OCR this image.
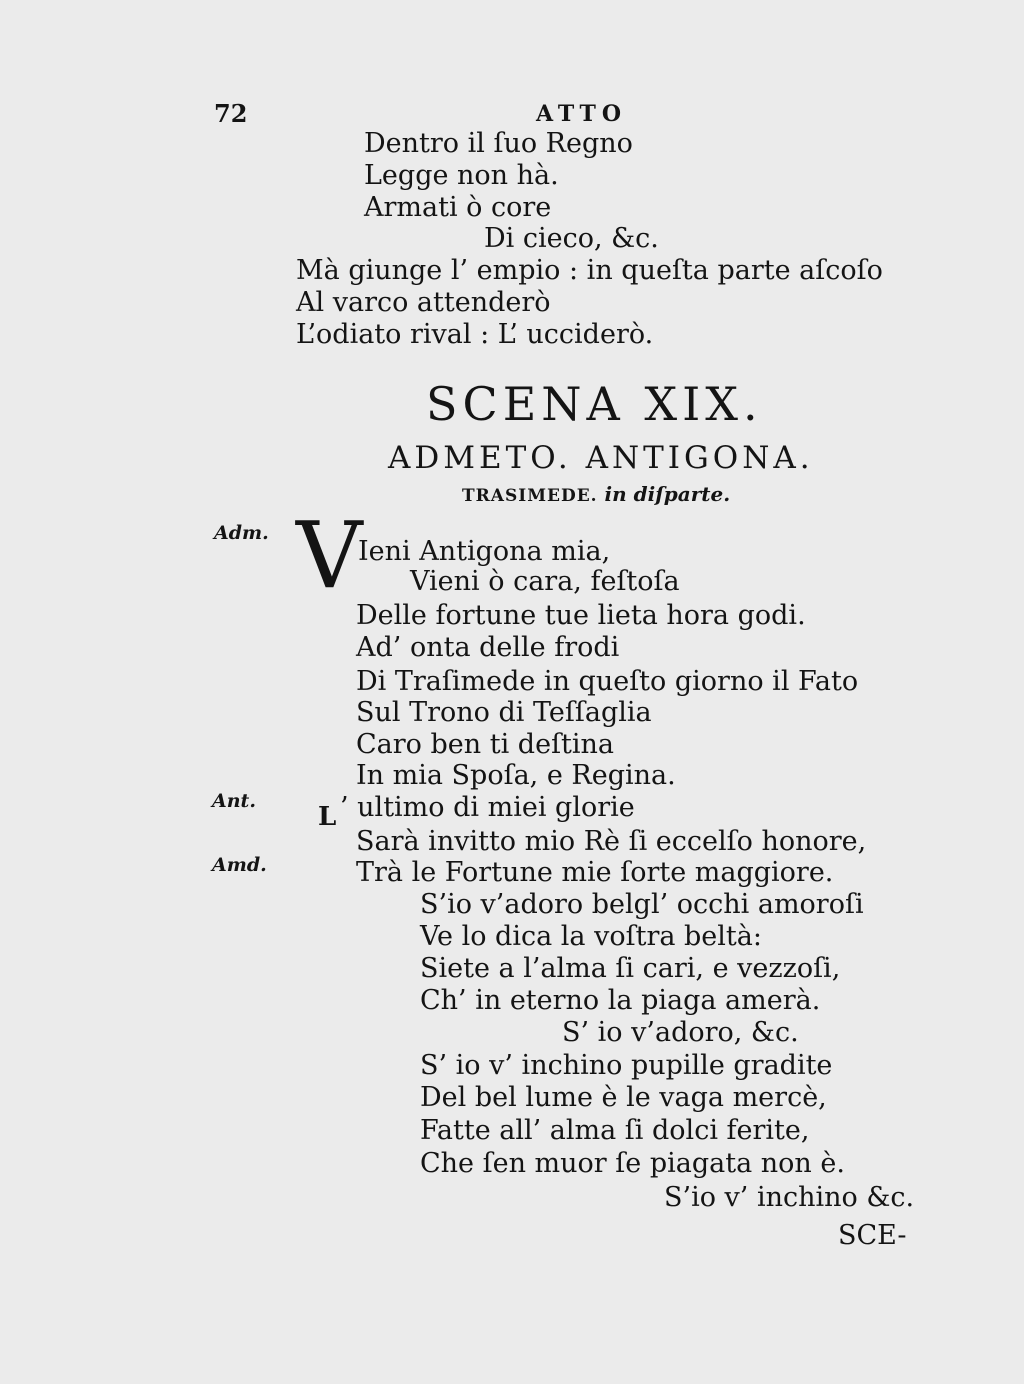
72	ATTO
Dentro il ſuo Regno
Legge non hà.
Armati ò core
Di cieco, &c.
Mà giunge l’ empio : in queſta parte aſcoſo
Al varco attenderò
L’odiato rival : L’ ucciderò.
SCENA XIX.
ADMETO. ANTIGONA.
TRASIMEDE. in diſparte.
Adm.
Ant.
Amd.
V
Ieni Antigona mia,
Vieni ò cara, feſtoſa
Delle fortune tue lieta hora godi.
Ad’ onta delle frodi
Di Traſimede in queſto giorno il Fato
Sul Trono di Teſſaglia
Caro ben ti deſtina
In mia Spoſa, e Regina.
L ’ ultimo di miei glorie
Sarà invitto mio Rè ſi eccelſo honore,
Trà le Fortune mie ſorte maggiore.
S’io v’adoro belgl’ occhi amoroſi
Ve lo dica la voſtra beltà:
Siete a l’alma ſi cari, e vezzoſi,
Ch’ in eterno la piaga amerà.
S’ io v’adoro, &c.
S’ io v’ inchino pupille gradite
Del bel lume è le vaga mercè,
Fatte all’ alma ſi dolci ferite,
Che ſen muor ſe piagata non è.
S’io v’ inchino &c.
SCE-
